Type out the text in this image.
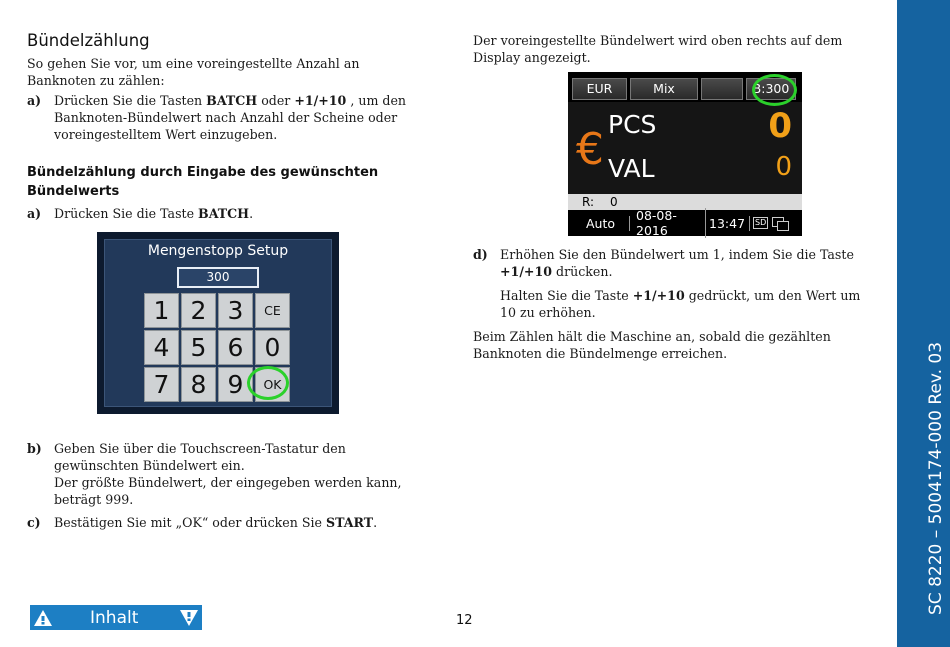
Bündelzählung
So gehen Sie vor, um eine voreingestellte Anzahl an Banknoten zu zählen:
a)	Drücken Sie die Tasten BATCH oder +1/+10 , um den Banknoten-Bündelwert nach Anzahl der Scheine oder voreingestelltem Wert einzugeben.
Bündelzählung durch Eingabe des gewünschten Bündelwerts
a)	Drücken Sie die Taste BATCH.
Mengenstopp Setup
300
1 2 3	CE
4 5 6 0
7 8 9	OK
b) Geben Sie über die Touchscreen-Tastatur den gewünschten Bündelwert ein.
Der größte Bündelwert, der eingegeben werden kann, beträgt 999.
c)	Bestätigen Sie mit „OK“ oder drücken Sie START.
Der voreingestellte Bündelwert wird oben rechts auf dem Display angezeigt.
EUR	Mix	B:300
€ PCS	0
VAL	0
R: 0
Auto	08-08-2016	13:47	SD
d) Erhöhen Sie den Bündelwert um 1, indem Sie die Taste +1/+10 drücken.
Halten Sie die Taste +1/+10 gedrückt, um den Wert um 10 zu erhöhen.
Beim Zählen hält die Maschine an, sobald die gezählten Banknoten die Bündelmenge erreichen.
Inhalt	12
SC 8220 – 5004174-000 Rev. 03
